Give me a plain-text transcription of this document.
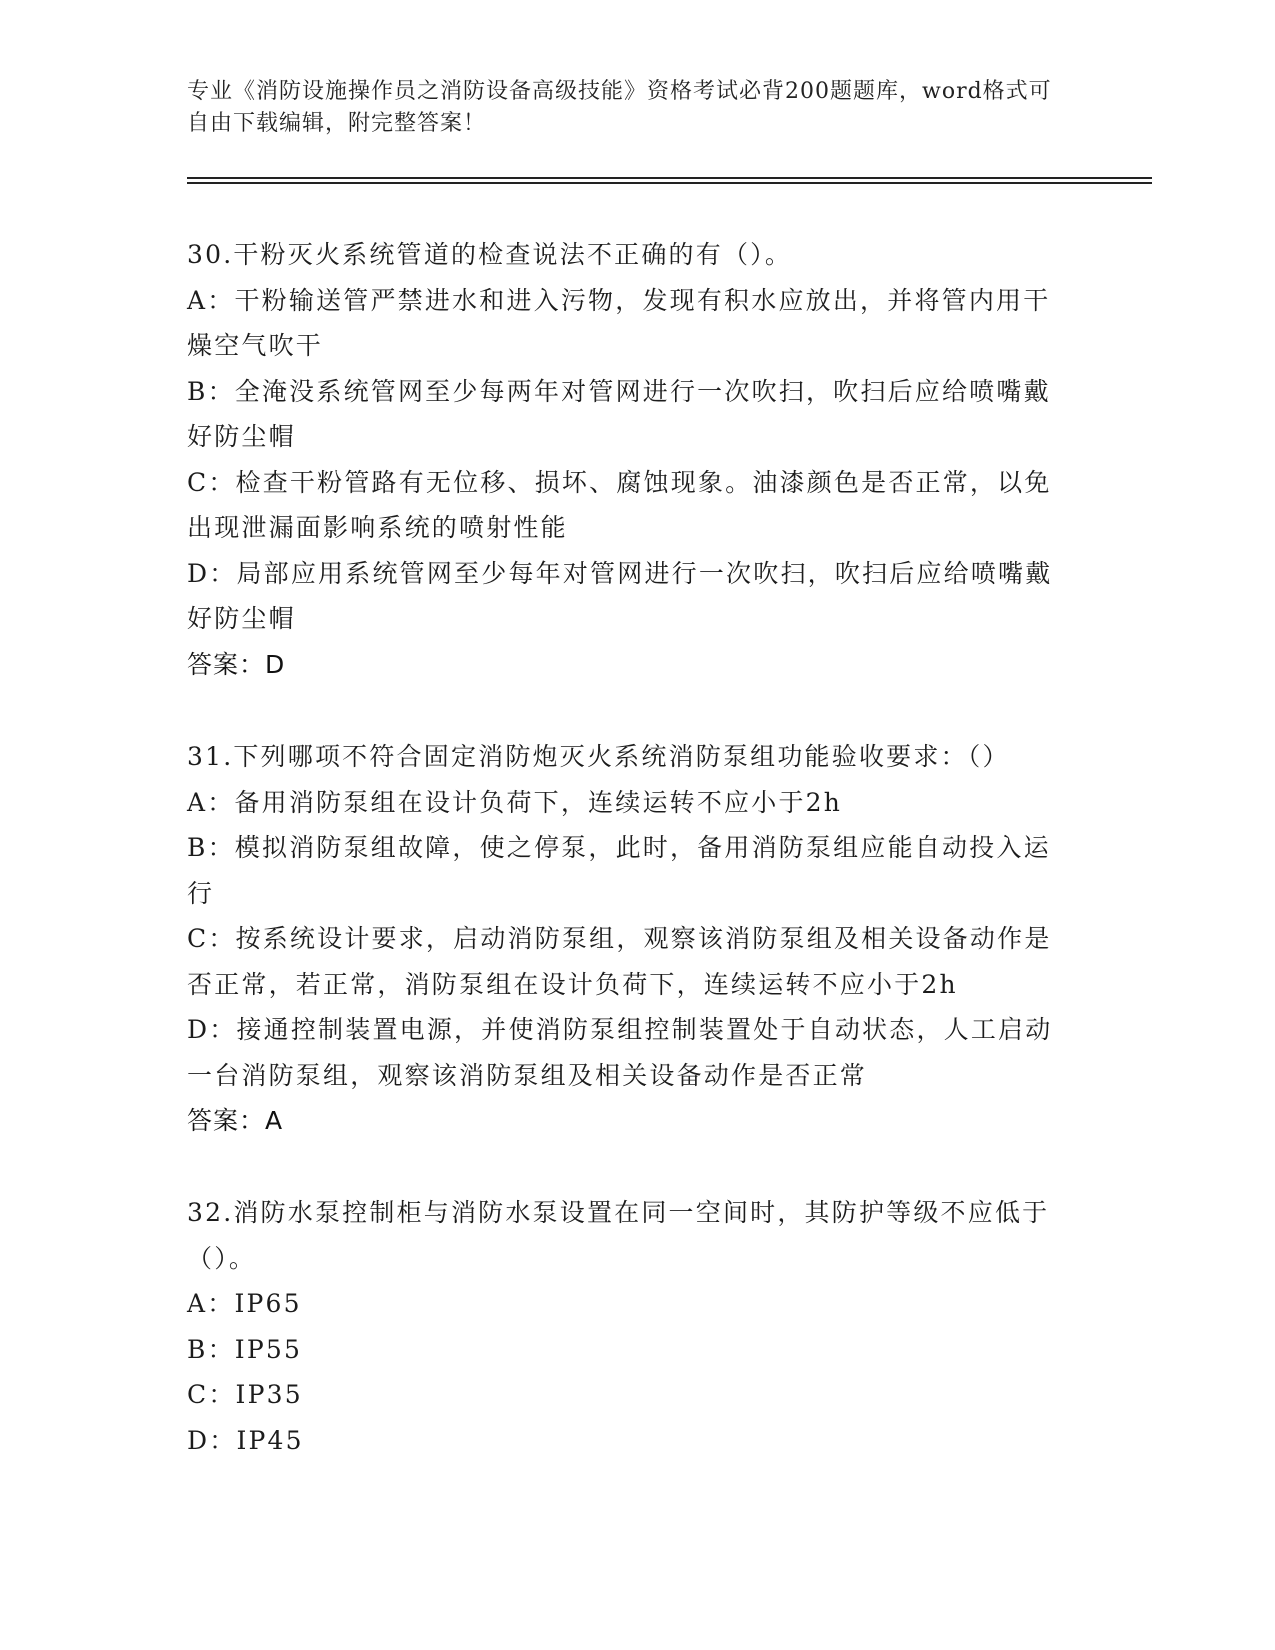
专业《消防设施操作员之消防设备高级技能》资格考试必背200题题库，word格式可自由下载编辑，附完整答案！
30.干粉灭火系统管道的检查说法不正确的有（）。
A：干粉输送管严禁进水和进入污物，发现有积水应放出，并将管内用干燥空气吹干
B：全淹没系统管网至少每两年对管网进行一次吹扫，吹扫后应给喷嘴戴好防尘帽
C：检查干粉管路有无位移、损坏、腐蚀现象。油漆颜色是否正常，以免出现泄漏面影响系统的喷射性能
D：局部应用系统管网至少每年对管网进行一次吹扫，吹扫后应给喷嘴戴好防尘帽
答案：D
31.下列哪项不符合固定消防炮灭火系统消防泵组功能验收要求：（）
A：备用消防泵组在设计负荷下，连续运转不应小于2h
B：模拟消防泵组故障，使之停泵，此时，备用消防泵组应能自动投入运行
C：按系统设计要求，启动消防泵组，观察该消防泵组及相关设备动作是否正常，若正常，消防泵组在设计负荷下，连续运转不应小于2h
D：接通控制装置电源，并使消防泵组控制装置处于自动状态，人工启动一台消防泵组，观察该消防泵组及相关设备动作是否正常
答案：A
32.消防水泵控制柜与消防水泵设置在同一空间时，其防护等级不应低于（）。
A：IP65
B：IP55
C：IP35
D：IP45
